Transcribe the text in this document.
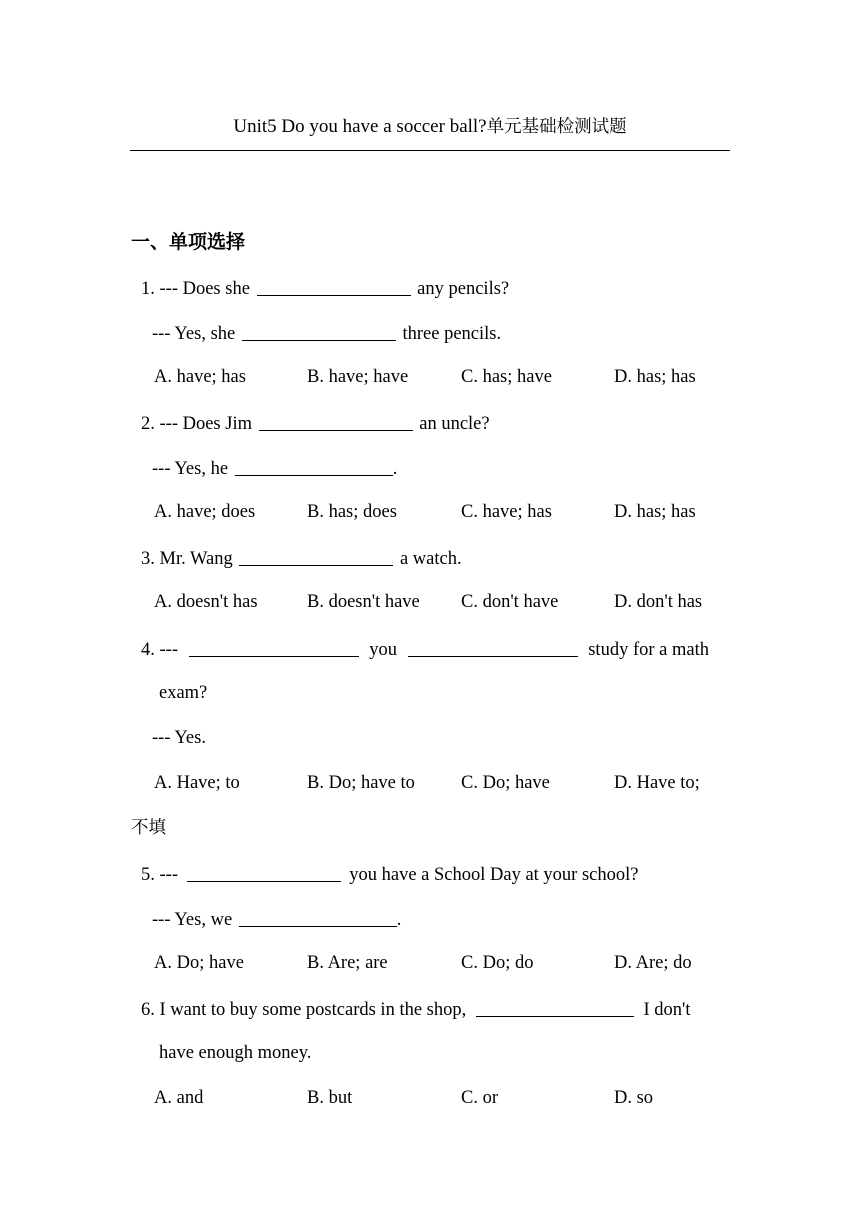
Unit5 Do you have a soccer ball?单元基础检测试题
一、单项选择
1. --- Does she	any pencils?
--- Yes, she	three pencils.
A. have; has	B. have; have	C. has; have	D. has; has
2. --- Does Jim	an uncle?
--- Yes, he	.
A. have; does	B. has; does	C. have; has	D. has; has
3. Mr. Wang	a watch.
A. doesn't has	B. doesn't have C. don't have	D. don't has
4. ---	you	study for a math
exam?
--- Yes.
A. Have; to	B. Do; have to C. Do; have	D. Have to;
不填
5. ---	you have a School Day at your school?
--- Yes, we	.
A. Do; have	B. Are; are	C. Do; do	D. Are; do
6. I want to buy some postcards in the shop,	I don't
have enough money.
A. and	B. but	C. or	D. so
